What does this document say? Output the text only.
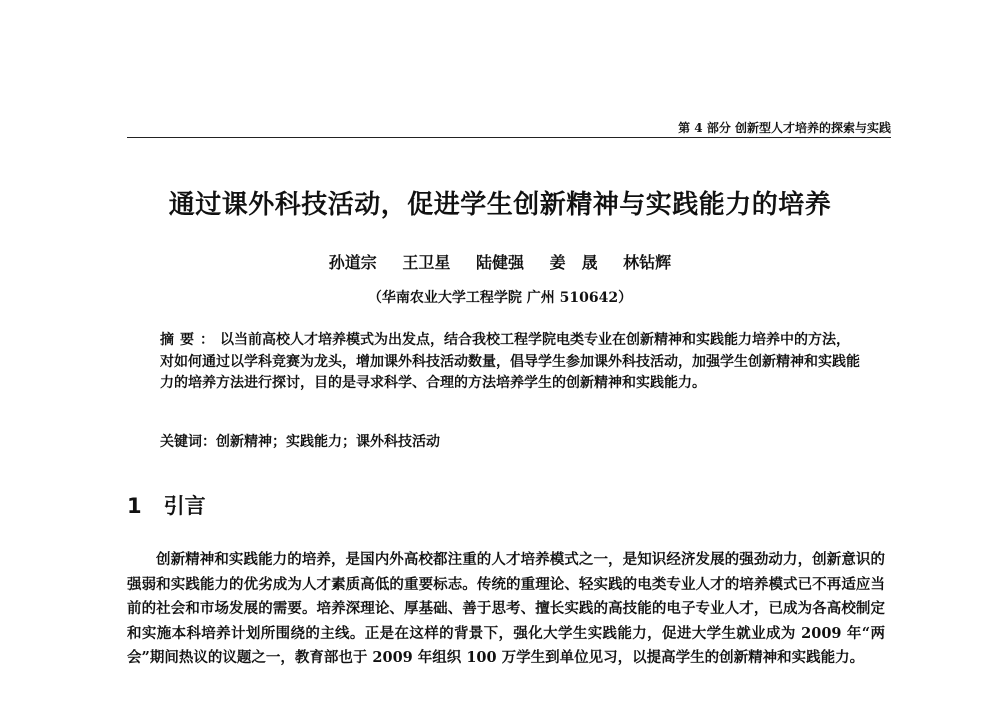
第 4 部分 创新型人才培养的探索与实践
通过课外科技活动，促进学生创新精神与实践能力的培养
孙道宗 王卫星 陆健强 姜　晟 林钻辉
（华南农业大学工程学院 广州 510642）
摘要：以当前高校人才培养模式为出发点，结合我校工程学院电类专业在创新精神和实践能力培养中的方法，对如何通过以学科竞赛为龙头，增加课外科技活动数量，倡导学生参加课外科技活动，加强学生创新精神和实践能力的培养方法进行探讨，目的是寻求科学、合理的方法培养学生的创新精神和实践能力。
关键词：创新精神；实践能力；课外科技活动
1 引言
创新精神和实践能力的培养，是国内外高校都注重的人才培养模式之一，是知识经济发展的强劲动力，创新意识的强弱和实践能力的优劣成为人才素质高低的重要标志。传统的重理论、轻实践的电类专业人才的培养模式已不再适应当前的社会和市场发展的需要。培养深理论、厚基础、善于思考、擅长实践的高技能的电子专业人才，已成为各高校制定和实施本科培养计划所围绕的主线。正是在这样的背景下，强化大学生实践能力，促进大学生就业成为 2009 年“两会”期间热议的议题之一，教育部也于 2009 年组织 100 万学生到单位见习，以提高学生的创新精神和实践能力。
